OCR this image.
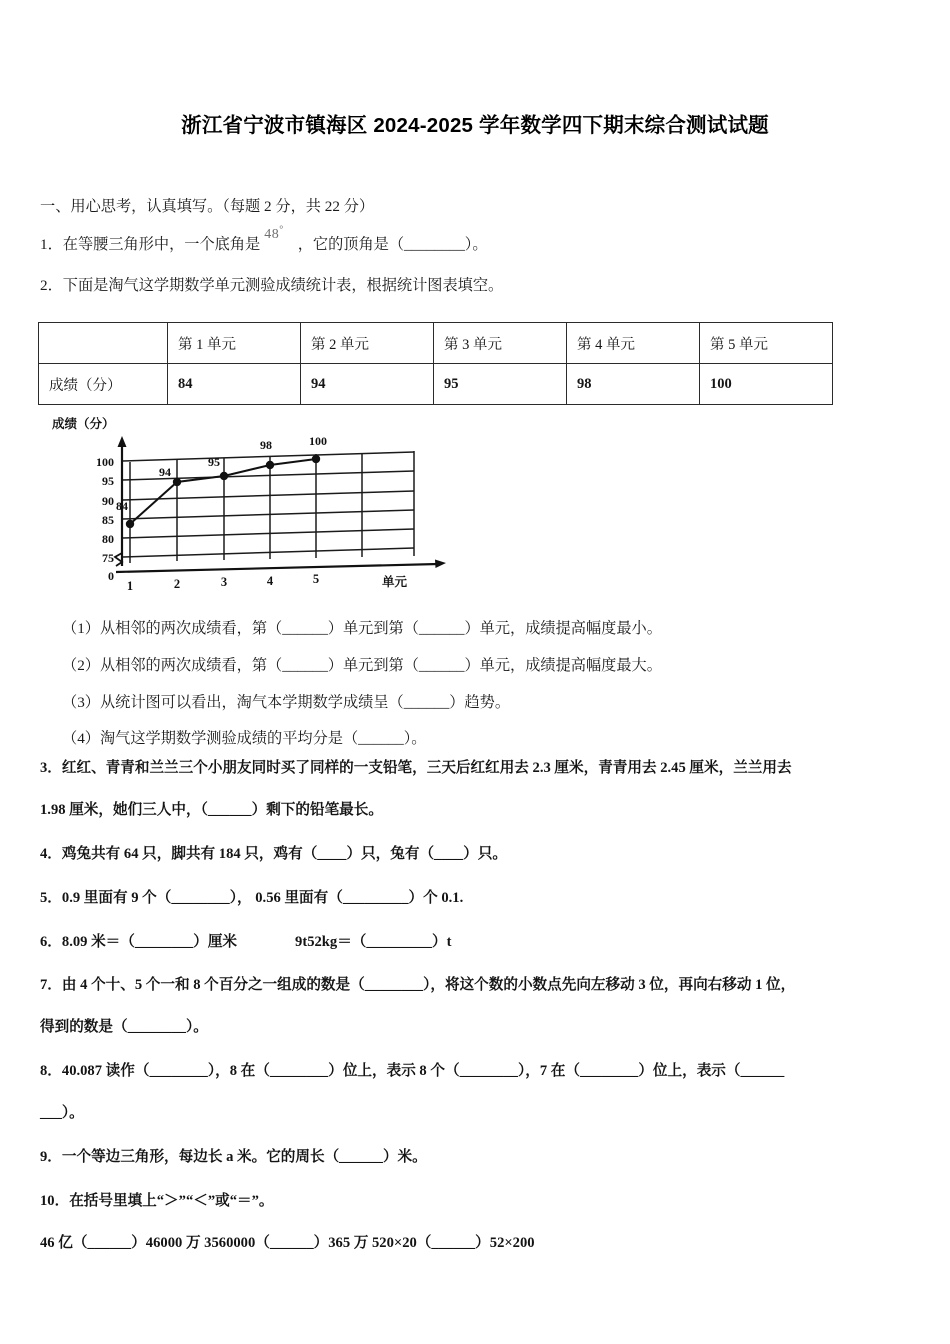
浙江省宁波市镇海区 2024-2025 学年数学四下期末综合测试试题

一、用心思考，认真填写。（每题 2 分，共 22 分）

1．在等腰三角形中，一个底角是48°，它的顶角是（________）。

2．下面是淘气这学期数学单元测验成绩统计表，根据统计图表填空。

	第 1 单元	第 2 单元	第 3 单元	第 4 单元	第 5 单元
成绩（分）	84	94	95	98	100
成绩（分）
100
95
90
85
80
75
0
1	2	3	4	5	单元
84
94
95
98	100

（1）从相邻的两次成绩看，第（______）单元到第（______）单元，成绩提高幅度最小。

（2）从相邻的两次成绩看，第（______）单元到第（______）单元，成绩提高幅度最大。

（3）从统计图可以看出，淘气本学期数学成绩呈（______）趋势。

（4）淘气这学期数学测验成绩的平均分是（______）。

3．红红、青青和兰兰三个小朋友同时买了同样的一支铅笔，三天后红红用去 2.3 厘米，青青用去 2.45 厘米，兰兰用去

1.98 厘米，她们三人中，（______）剩下的铅笔最长。

4．鸡兔共有 64 只，脚共有 184 只，鸡有（____）只，兔有（____）只。

5．0.9 里面有 9 个（________）， 0.56 里面有（_________）个 0.1.

6．8.09 米＝（________）厘米	9t52kg＝（_________）t

7．由 4 个十、5 个一和 8 个百分之一组成的数是（________），将这个数的小数点先向左移动 3 位，再向右移动 1 位，

得到的数是（________）。

8．40.087 读作（________），8 在（________）位上，表示 8 个（________），7 在（________）位上，表示（______

___）。

9．一个等边三角形，每边长 a 米。它的周长（______）米。

10．在括号里填上“＞”“＜”或“＝”。

46 亿（______）46000 万 3560000（______）365 万 520×20（______）52×200
